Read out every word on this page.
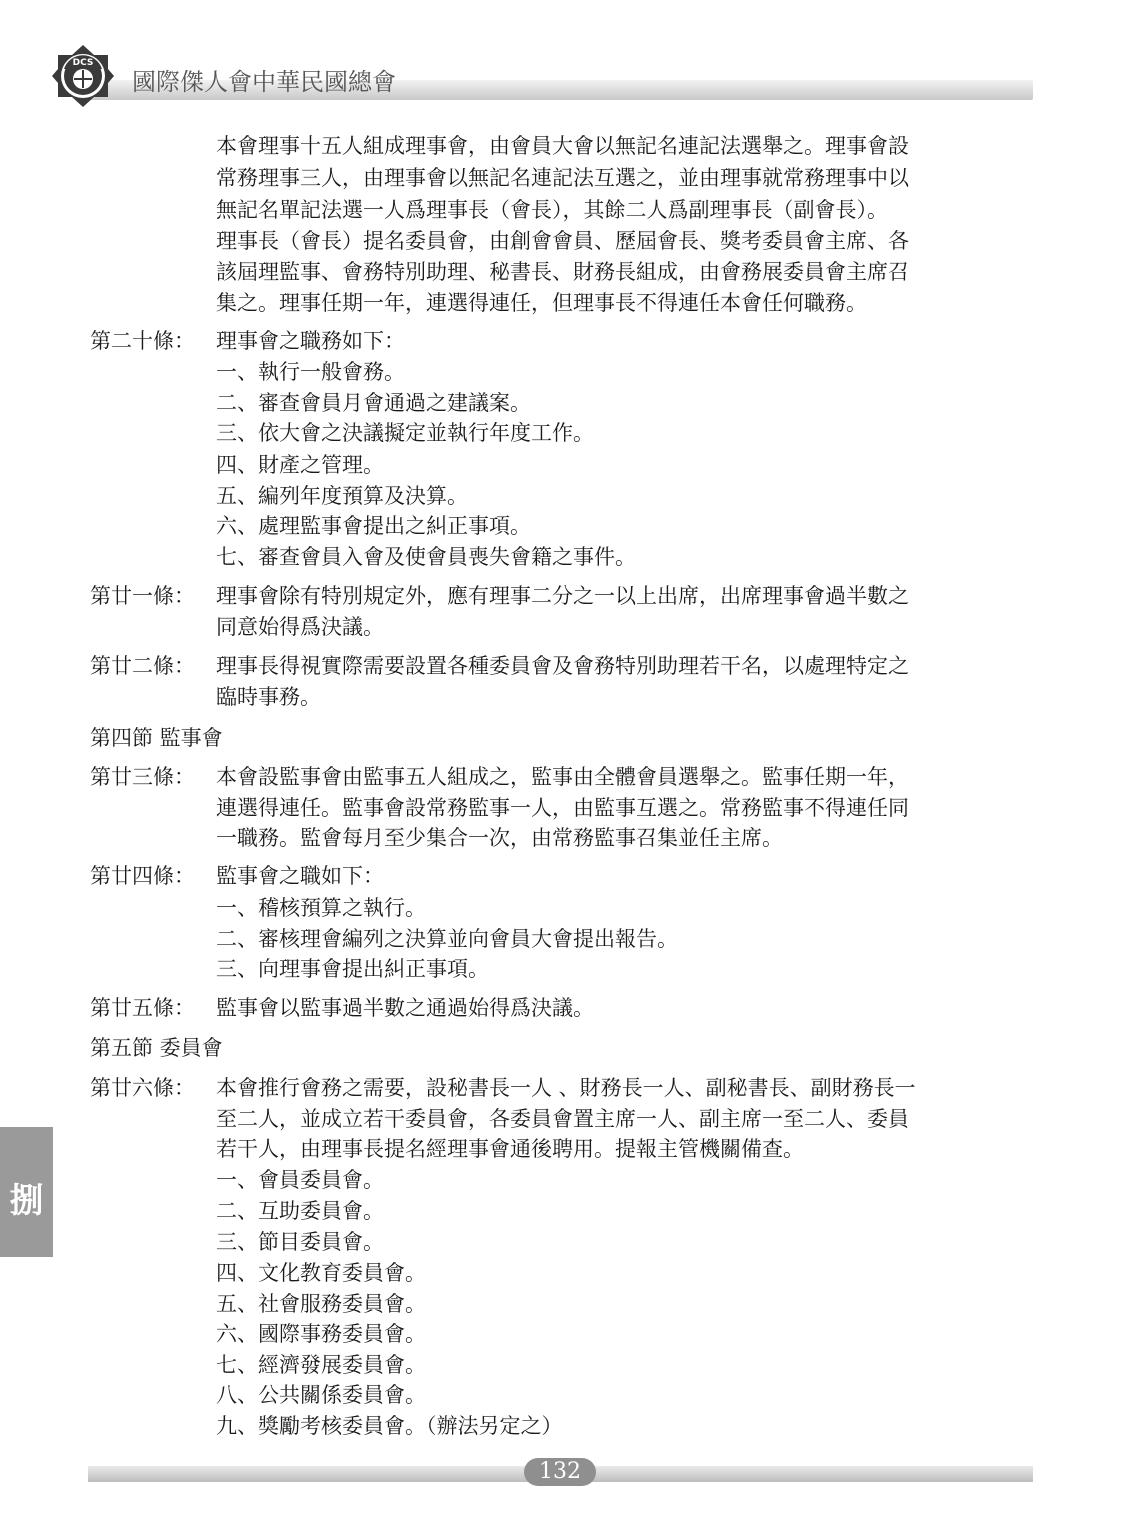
DCS
國際傑人會中華民國總會
本會理事十五人組成理事會，由會員大會以無記名連記法選舉之。理事會設
常務理事三人，由理事會以無記名連記法互選之，並由理事就常務理事中以
無記名單記法選一人爲理事長（會長），其餘二人爲副理事長（副會長）。
理事長（會長）提名委員會，由創會會員、歷屆會長、獎考委員會主席、各
該屆理監事、會務特別助理、秘書長、財務長組成，由會務展委員會主席召
集之。理事任期一年，連選得連任，但理事長不得連任本會任何職務。
第二十條： 理事會之職務如下：
一、執行一般會務。
二、審查會員月會通過之建議案。
三、依大會之決議擬定並執行年度工作。
四、財產之管理。
五、編列年度預算及決算。
六、處理監事會提出之糾正事項。
七、審查會員入會及使會員喪失會籍之事件。
第廿一條： 理事會除有特別規定外，應有理事二分之一以上出席，出席理事會過半數之
同意始得爲決議。
第廿二條： 理事長得視實際需要設置各種委員會及會務特別助理若干名，以處理特定之
臨時事務。
第四節 監事會
第廿三條： 本會設監事會由監事五人組成之，監事由全體會員選舉之。監事任期一年，
連選得連任。監事會設常務監事一人，由監事互選之。常務監事不得連任同
一職務。監會每月至少集合一次，由常務監事召集並任主席。
第廿四條： 監事會之職如下：
一、稽核預算之執行。
二、審核理會編列之決算並向會員大會提出報告。
三、向理事會提出糾正事項。
第廿五條： 監事會以監事過半數之通過始得爲決議。
第五節 委員會
第廿六條： 本會推行會務之需要，設秘書長一人 、財務長一人、副秘書長、副財務長一
至二人，並成立若干委員會，各委員會置主席一人、副主席一至二人、委員
若干人，由理事長提名經理事會通後聘用。提報主管機關備查。
一、會員委員會。
二、互助委員會。
三、節目委員會。
四、文化教育委員會。
五、社會服務委員會。
六、國際事務委員會。
七、經濟發展委員會。
八、公共關係委員會。
九、獎勵考核委員會。（辦法另定之）
捌
132
